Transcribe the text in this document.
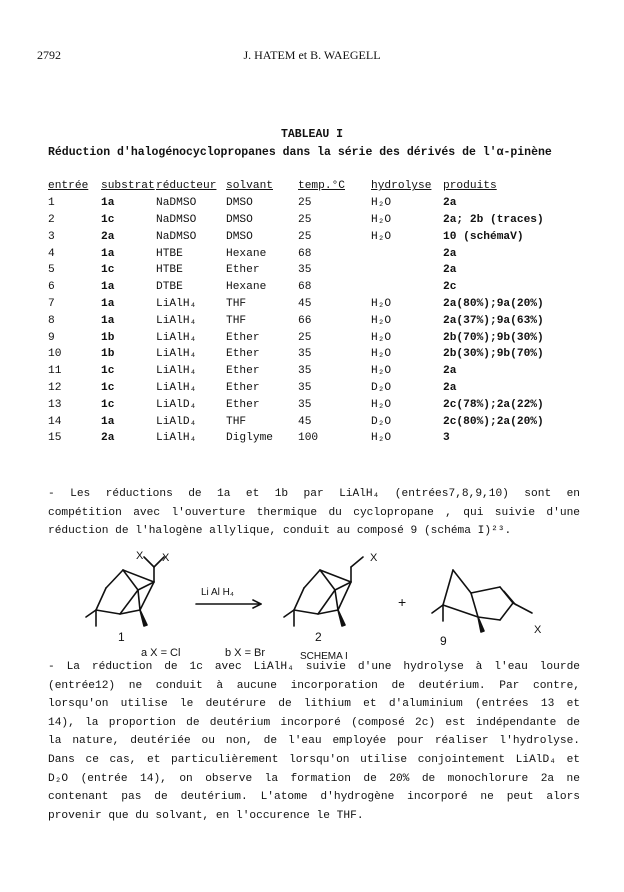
2792	J. HATEM et B. WAEGELL
TABLEAU I
Réduction d'halogénocyclopropanes dans la série des dérivés de l'α-pinène
entrée	substrat	réducteur	solvant	temp.°C	hydrolyse	produits
1	1a	NaDMSO	DMSO	25	H₂O	2a
2	1c	NaDMSO	DMSO	25	H₂O	2a; 2b (traces)
3	2a	NaDMSO	DMSO	25	H₂O	10 (schémaV)
4	1a	HTBE	Hexane	68		2a
5	1c	HTBE	Ether	35		2a
6	1a	DTBE	Hexane	68		2c
7	1a	LiAlH₄	THF	45	H₂O	2a(80%);9a(20%)
8	1a	LiAlH₄	THF	66	H₂O	2a(37%);9a(63%)
9	1b	LiAlH₄	Ether	25	H₂O	2b(70%);9b(30%)
10	1b	LiAlH₄	Ether	35	H₂O	2b(30%);9b(70%)
11	1c	LiAlH₄	Ether	35	H₂O	2a
12	1c	LiAlH₄	Ether	35	D₂O	2a
13	1c	LiAlD₄	Ether	35	H₂O	2c(78%);2a(22%)
14	1a	LiAlD₄	THF	45	D₂O	2c(80%);2a(20%)
15	2a	LiAlH₄	Diglyme	100	H₂O	3

- Les réductions de 1a et 1b par LiAlH₄ (entrées7,8,9,10) sont en

compétition avec l'ouverture thermique du cyclopropane , qui suivie d'une

réduction de l'halogène allylique, conduit au composé 9 (schéma I)²³.

X X	X
X
Li Al H₄
+
1	2	9
a X = Cl	b X = Br	SCHEMA I

- La réduction de 1c avec LiAlH₄ suivie d'une hydrolyse à l'eau lourde

(entrée12) ne conduit à aucune incorporation de deutérium. Par contre,

lorsqu'on utilise le deutérure de lithium et d'aluminium (entrées 13 et

14), la proportion de deutérium incorporé (composé 2c) est indépendante de

la nature, deutériée ou non, de l'eau employée pour réaliser l'hydrolyse.

Dans ce cas, et particulièrement lorsqu'on utilise conjointement LiAlD₄ et

D₂O (entrée 14), on observe la formation de 20% de monochlorure 2a ne

contenant pas de deutérium. L'atome d'hydrogène incorporé ne peut alors

provenir que du solvant, en l'occurence le THF.
